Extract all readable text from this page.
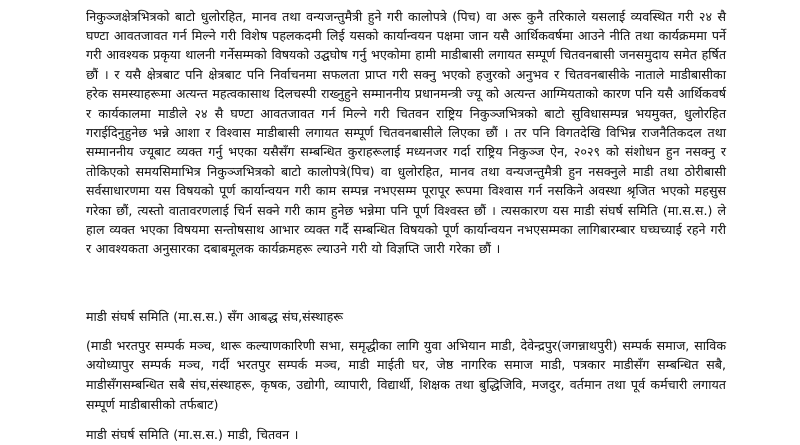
निकुञ्जक्षेत्रभित्रको बाटो धुलोरहित, मानव तथा वन्यजन्तुमैत्री हुने गरी कालोपत्रे (पिच) वा अरू कुनै तरिकाले यसलाई व्यवस्थित गरी २४ सै घण्टा आवतजावत गर्न मिल्ने गरी विशेष पहलकदमी लिई यसको कार्यान्वयन पक्षमा जान यसै आर्थिकवर्षमा आउने नीति तथा कार्यक्रममा पर्ने गरी आवश्यक प्रकृया थालनी गर्नेसम्मको विषयको उद्घघोष गर्नु भएकोमा हामी माडीबासी लगायत सम्पूर्ण चितवनबासी जनसमुदाय समेत हर्षित छौं । र यसै क्षेत्रबाट पनि क्षेत्रबाट पनि निर्वाचनमा सफलता प्राप्त गरी सक्नु भएको हजुरको अनुभव र चितवनबासीके नाताले माडीबासीका हरेक समस्याहरूमा अत्यन्त महत्वकासाथ दिलचस्पी राख्नुहुने सम्माननीय प्रधानमन्त्री ज्यू को अत्यन्त आग्मियताको कारण पनि यसै आर्थिकवर्ष र कार्यकालमा माडीले २४ सै घण्टा आवतजावत गर्न मिल्ने गरी चितवन राष्ट्रिय निकुञ्जभित्रको बाटो सुविधासम्पन्न भयमुक्त, धुलोरहित गराईदिनुहुनेछ भन्ने आशा र विश्वास माडीबासी लगायत सम्पूर्ण चितवनबासीले लिएका छौं । तर पनि विगतदेखि विभिन्न राजनैतिकदल तथा सम्माननीय ज्यूबाट व्यक्त गर्नु भएका यसैसँग सम्बन्धित कुराहरूलाई मध्यनजर गर्दा राष्ट्रिय निकुञ्ज ऐन, २०२९ को संशोधन हुन नसक्नु र तोकिएको समयसिमाभित्र निकुञ्जभित्रको बाटो कालोपत्रे(पिच) वा धुलोरहित, मानव तथा वन्यजन्तुमैत्री हुन नसक्नुले माडी तथा ठोरीबासी सर्वसाधारणमा यस विषयको पूर्ण कार्यान्वयन गरी काम सम्पन्न नभएसम्म पूरापूर रूपमा विश्वास गर्न नसकिने अवस्था श्रृजित भएको महसुस गरेका छौं, त्यस्तो वातावरणलाई चिर्न सक्ने गरी काम हुनेछ भन्नेमा पनि पूर्ण विश्वस्त छौं । त्यसकारण यस माडी संघर्ष समिति (मा.स.स.) ले हाल व्यक्त भएका विषयमा सन्तोषसाथ आभार व्यक्त गर्दै सम्बन्धित विषयको पूर्ण कार्यान्वयन नभएसम्मका लागिबारम्बार घच्घच्याई रहने गरी र आवश्यकता अनुसारका दबाबमूलक कार्यक्रमहरू ल्याउने गरी यो विज्ञप्ति जारी गरेका छौं ।

माडी संघर्ष समिति (मा.स.स.) सँग आबद्ध संघ,संस्थाहरू

(माडी भरतपुर सम्पर्क मञ्च, थारू कल्याणकारिणी सभा, समृद्धीका लागि युवा अभियान माडी, देवेन्द्रपुर(जगन्नाथपुरी) सम्पर्क समाज, साविक अयोध्यापुर सम्पर्क मञ्च, गर्दी भरतपुर सम्पर्क मञ्च, माडी माईती घर, जेष्ठ नागरिक समाज माडी, पत्रकार माडीसँग सम्बन्धित सबै, माडीसँगसम्बन्धित सबै संघ,संस्थाहरू, कृषक, उद्योगी, व्यापारी, विद्यार्थी, शिक्षक तथा बुद्धिजिवि, मजदुर, वर्तमान तथा पूर्व कर्मचारी लगायत सम्पूर्ण माडीबासीको तर्फबाट)

माडी संघर्ष समिति (मा.स.स.) माडी, चितवन ।
